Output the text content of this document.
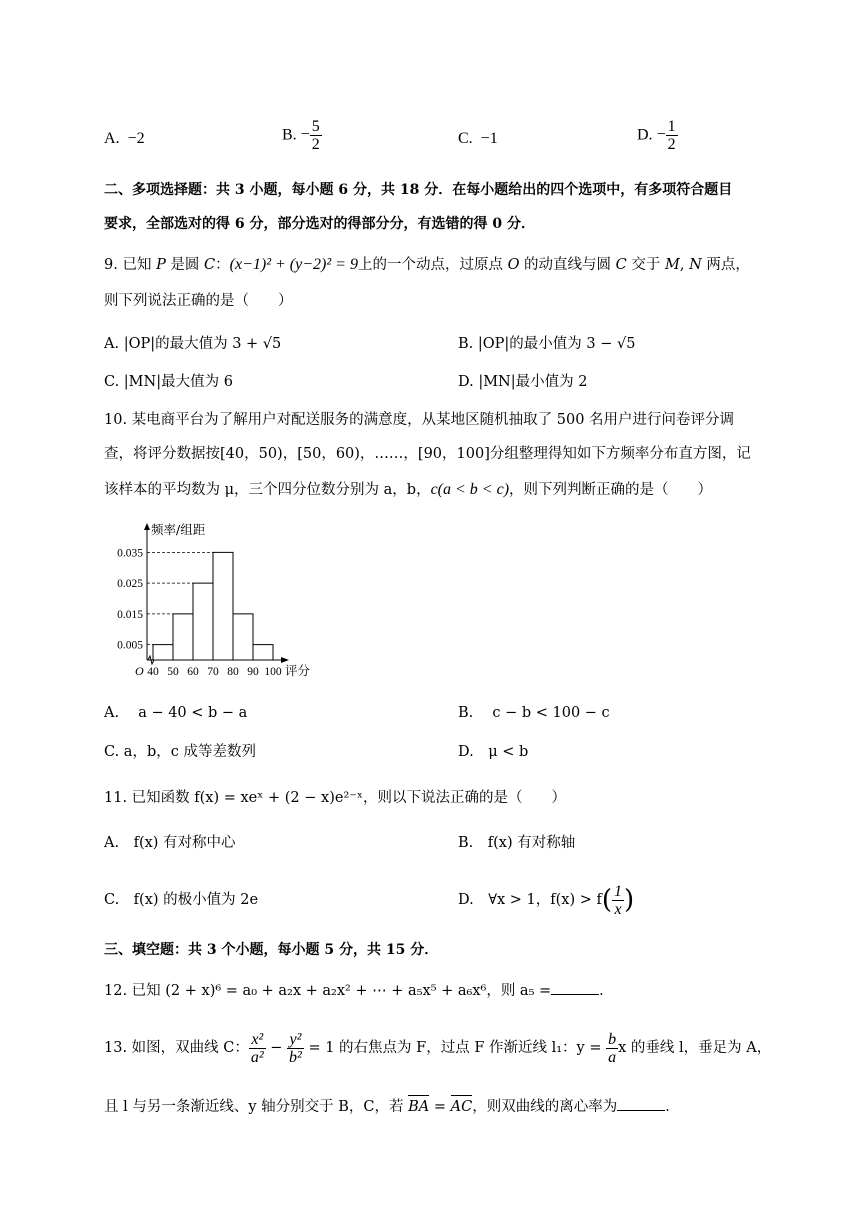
A. −2	B. − $\frac{5}{2}$	C. −1	D. − $\frac{1}{2}$
二、多项选择题：共 3 小题，每小题 6 分，共 18 分．在每小题给出的四个选项中，有多项符合题目
要求，全部选对的得 6 分，部分选对的得部分分，有选错的得 0 分．
9. 已知 P 是圆 C：(x−1)² + (y−2)² = 9上的一个动点，过原点 O 的动直线与圆 C 交于 M, N 两点，
则下列说法正确的是（　　）
A. |OP|的最大值为 3 + √5	B. |OP|的最小值为 3 − √5
C. |MN|最大值为 6	D. |MN|最小值为 2
10. 某电商平台为了解用户对配送服务的满意度，从某地区随机抽取了 500 名用户进行问卷评分调
查，将评分数据按[40，50)，[50，60)，……，[90，100]分组整理得知如下方频率分布直方图，记
该样本的平均数为 μ，三个四分位数分别为 a，b，c(a < b < c)，则下列判断正确的是（　　）
0.005
0.015
0.025
0.035
40 50 60 70 80 90 100
O
频率/组距
评分
A.　 a − 40 < b − a	B.　 c − b < 100 − c
C. a，b，c 成等差数列	D.　μ < b
11. 已知函数 f(x) = xeˣ + (2 − x)e²⁻ˣ，则以下说法正确的是（　　）
A.　f(x) 有对称中心	B.　f(x) 有对称轴
C.　f(x) 的极小值为 2e	D.　∀x > 1，$f(x) > f( \frac{1}{x}$ )
三、填空题：共 3 个小题，每小题 5 分，共 15 分．
12. 已知 (2 + x)⁶ = a₀ + a₂x + a₂x² + ⋯ + a₅x⁵ + a₆x⁶，则 a₅ =	．
13. 如图，双曲线 C： $\frac{\text{x²}}{\text{a²}} - \frac{\text{y²}}{\text{b²}} = 1$ 的右焦点为 F，过点 F 作渐近线 l₁：$y = \frac{b}{a}$ x 的垂线 l，垂足为 A，
且 l 与另一条渐近线、y 轴分别交于 B，C，若 BA = AC，则双曲线的离心率为	．
